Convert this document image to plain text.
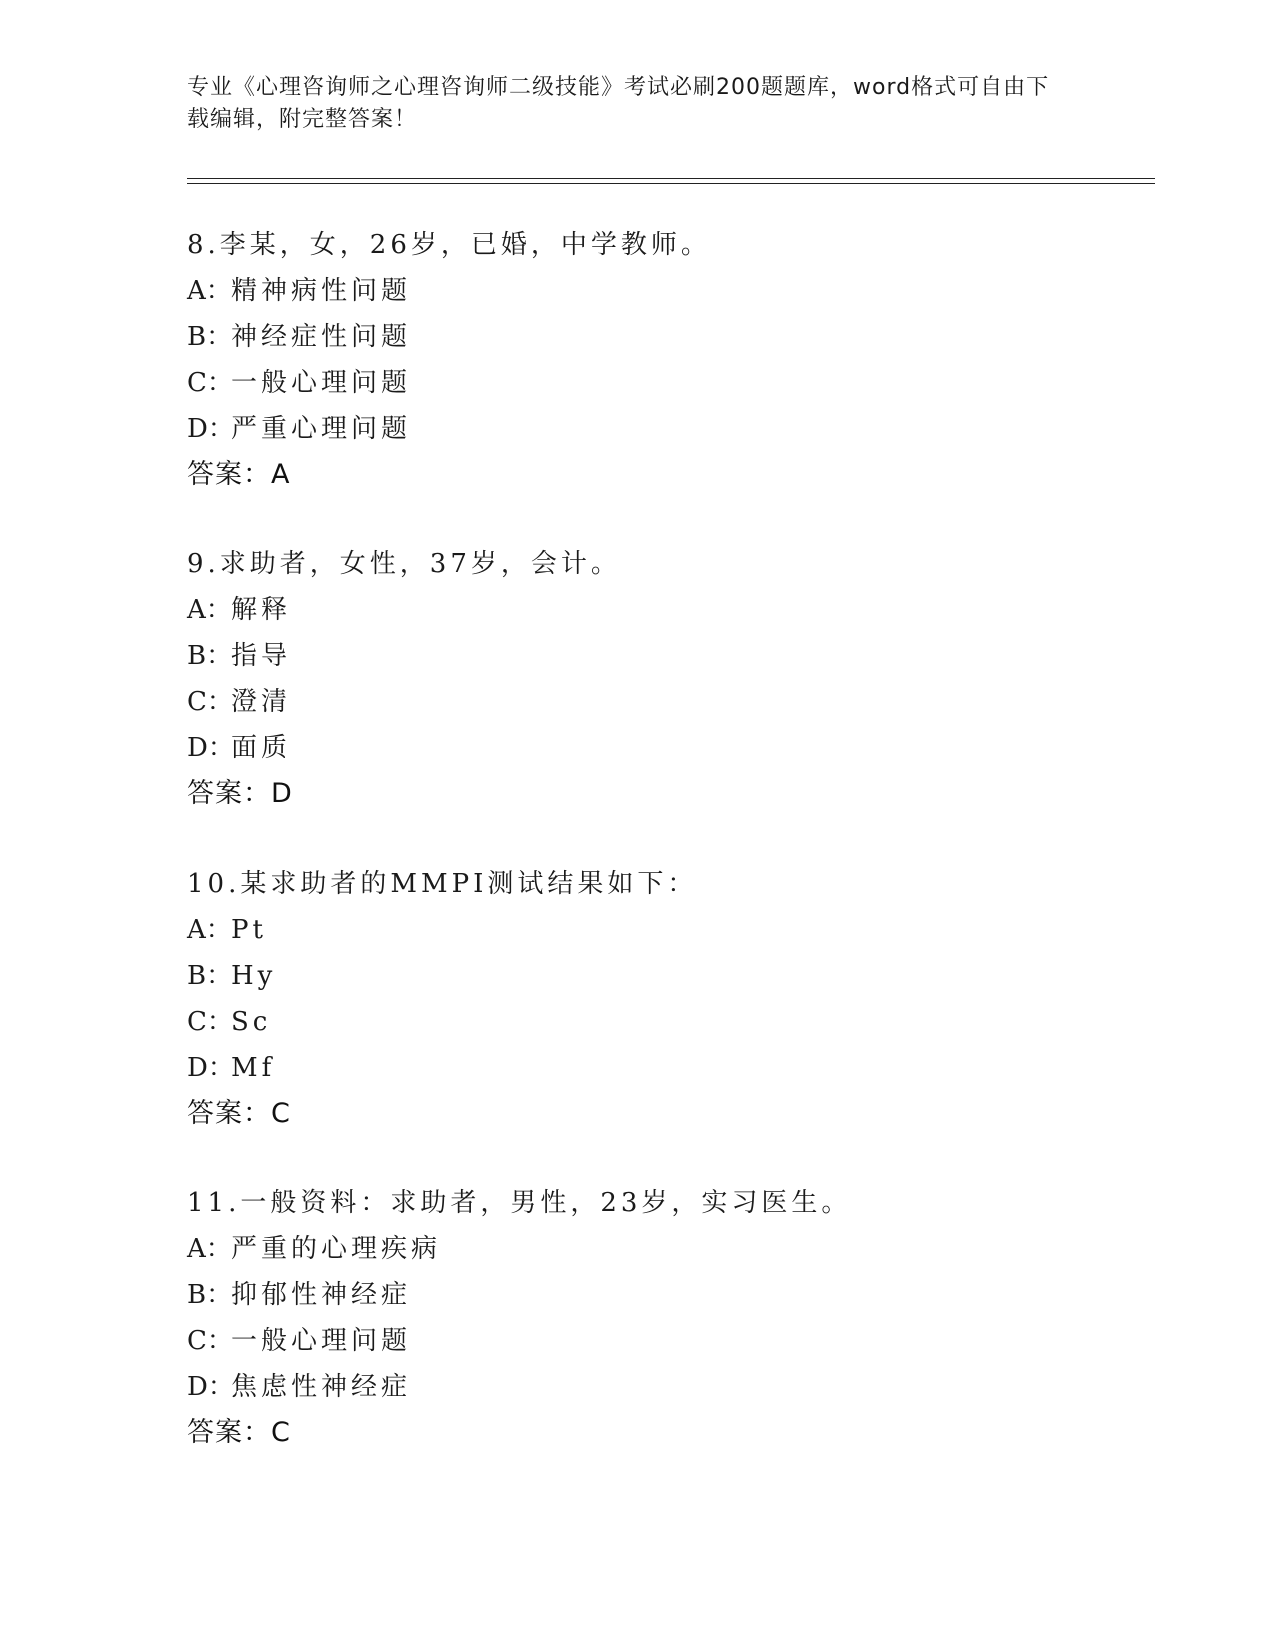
专业《心理咨询师之心理咨询师二级技能》考试必刷200题题库，word格式可自由下载编辑，附完整答案！
8.李某，女，26岁，已婚，中学教师。
A：精神病性问题
B：神经症性问题
C：一般心理问题
D：严重心理问题
答案：A
9.求助者，女性，37岁，会计。
A：解释
B：指导
C：澄清
D：面质
答案：D
10.某求助者的MMPI测试结果如下：
A：Pt
B：Hy
C：Sc
D：Mf
答案：C
11.一般资料：求助者，男性，23岁，实习医生。
A：严重的心理疾病
B：抑郁性神经症
C：一般心理问题
D：焦虑性神经症
答案：C
